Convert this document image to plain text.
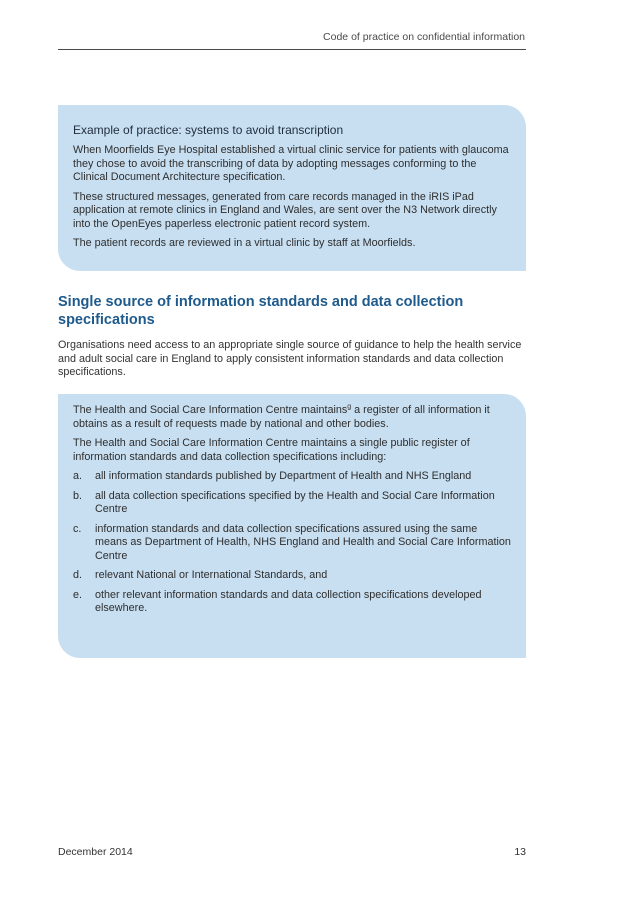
Code of practice on confidential information

Example of practice: systems to avoid transcription

When Moorfields Eye Hospital established a virtual clinic service for patients with glaucoma they chose to avoid the transcribing of data by adopting messages conforming to the Clinical Document Architecture specification.

These structured messages, generated from care records managed in the iRIS iPad application at remote clinics in England and Wales, are sent over the N3 Network directly into the OpenEyes paperless electronic patient record system.

The patient records are reviewed in a virtual clinic by staff at Moorfields.

Single source of information standards and data collection specifications

Organisations need access to an appropriate single source of guidance to help the health service and adult social care in England to apply consistent information standards and data collection specifications.

The Health and Social Care Information Centre maintains$^g$ a register of all information it obtains as a result of requests made by national and other bodies.

The Health and Social Care Information Centre maintains a single public register of information standards and data collection specifications including:

a.	all information standards published by Department of Health and NHS England
b.	all data collection specifications specified by the Health and Social Care Information Centre
c.	information standards and data collection specifications assured using the same means as Department of Health, NHS England and Health and Social Care Information Centre
d.	relevant National or International Standards, and
e.	other relevant information standards and data collection specifications developed elsewhere.
December 2014	13
